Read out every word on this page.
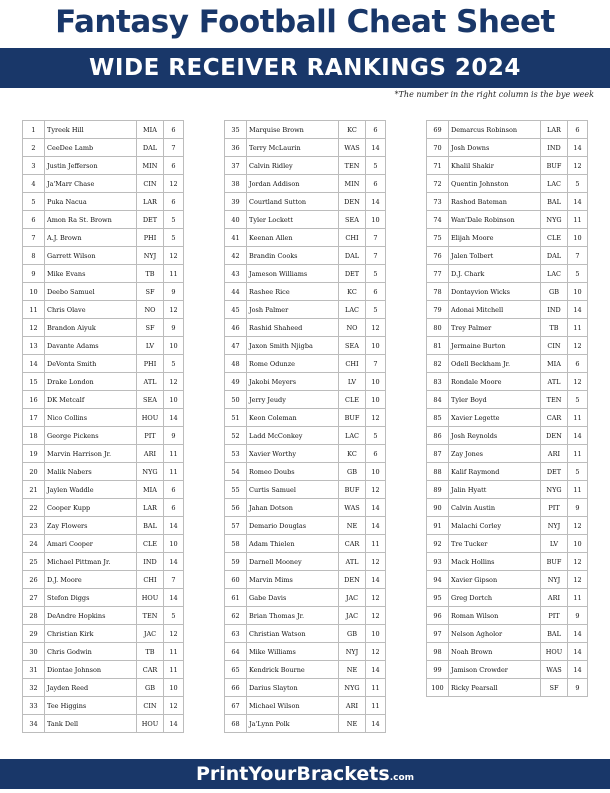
Fantasy Football Cheat Sheet
WIDE RECEIVER RANKINGS 2024
*The number in the right column is the bye week
1	Tyreek Hill	MIA	6
2	CeeDee Lamb	DAL	7
3	Justin Jefferson	MIN	6
4	Ja'Marr Chase	CIN	12
5	Puka Nacua	LAR	6
6	Amon Ra St. Brown	DET	5
7	A.J. Brown	PHI	5
8	Garrett Wilson	NYJ	12
9	Mike Evans	TB	11
10	Deebo Samuel	SF	9
11	Chris Olave	NO	12
12	Brandon Aiyuk	SF	9
13	Davante Adams	LV	10
14	DeVonta Smith	PHI	5
15	Drake London	ATL	12
16	DK Metcalf	SEA	10
17	Nico Collins	HOU	14
18	George Pickens	PIT	9
19	Marvin Harrison Jr.	ARI	11
20	Malik Nabers	NYG	11
21	Jaylen Waddle	MIA	6
22	Cooper Kupp	LAR	6
23	Zay Flowers	BAL	14
24	Amari Cooper	CLE	10
25	Michael Pittman Jr.	IND	14
26	D.J. Moore	CHI	7
27	Stefon Diggs	HOU	14
28	DeAndre Hopkins	TEN	5
29	Christian Kirk	JAC	12
30	Chris Godwin	TB	11
31	Diontae Johnson	CAR	11
32	Jayden Reed	GB	10
33	Tee Higgins	CIN	12
34	Tank Dell	HOU	14
35	Marquise Brown	KC	6
36	Terry McLaurin	WAS	14
37	Calvin Ridley	TEN	5
38	Jordan Addison	MIN	6
39	Courtland Sutton	DEN	14
40	Tyler Lockett	SEA	10
41	Keenan Allen	CHI	7
42	Brandin Cooks	DAL	7
43	Jameson Williams	DET	5
44	Rashee Rice	KC	6
45	Josh Palmer	LAC	5
46	Rashid Shaheed	NO	12
47	Jaxon Smith Njigba	SEA	10
48	Rome Odunze	CHI	7
49	Jakobi Meyers	LV	10
50	Jerry Jeudy	CLE	10
51	Keon Coleman	BUF	12
52	Ladd McConkey	LAC	5
53	Xavier Worthy	KC	6
54	Romeo Doubs	GB	10
55	Curtis Samuel	BUF	12
56	Jahan Dotson	WAS	14
57	Demario Douglas	NE	14
58	Adam Thielen	CAR	11
59	Darnell Mooney	ATL	12
60	Marvin Mims	DEN	14
61	Gabe Davis	JAC	12
62	Brian Thomas Jr.	JAC	12
63	Christian Watson	GB	10
64	Mike Williams	NYJ	12
65	Kendrick Bourne	NE	14
66	Darius Slayton	NYG	11
67	Michael Wilson	ARI	11
68	Ja'Lynn Polk	NE	14
69	Demarcus Robinson	LAR	6
70	Josh Downs	IND	14
71	Khalil Shakir	BUF	12
72	Quentin Johnston	LAC	5
73	Rashod Bateman	BAL	14
74	Wan'Dale Robinson	NYG	11
75	Elijah Moore	CLE	10
76	Jalen Tolbert	DAL	7
77	D.J. Chark	LAC	5
78	Dontayvion Wicks	GB	10
79	Adonai Mitchell	IND	14
80	Trey Palmer	TB	11
81	Jermaine Burton	CIN	12
82	Odell Beckham Jr.	MIA	6
83	Rondale Moore	ATL	12
84	Tyler Boyd	TEN	5
85	Xavier Legette	CAR	11
86	Josh Reynolds	DEN	14
87	Zay Jones	ARI	11
88	Kalif Raymond	DET	5
89	Jalin Hyatt	NYG	11
90	Calvin Austin	PIT	9
91	Malachi Corley	NYJ	12
92	Tre Tucker	LV	10
93	Mack Hollins	BUF	12
94	Xavier Gipson	NYJ	12
95	Greg Dortch	ARI	11
96	Roman Wilson	PIT	9
97	Nelson Agholor	BAL	14
98	Noah Brown	HOU	14
99	Jamison Crowder	WAS	14
100	Ricky Pearsall	SF	9
PrintYourBrackets.com
